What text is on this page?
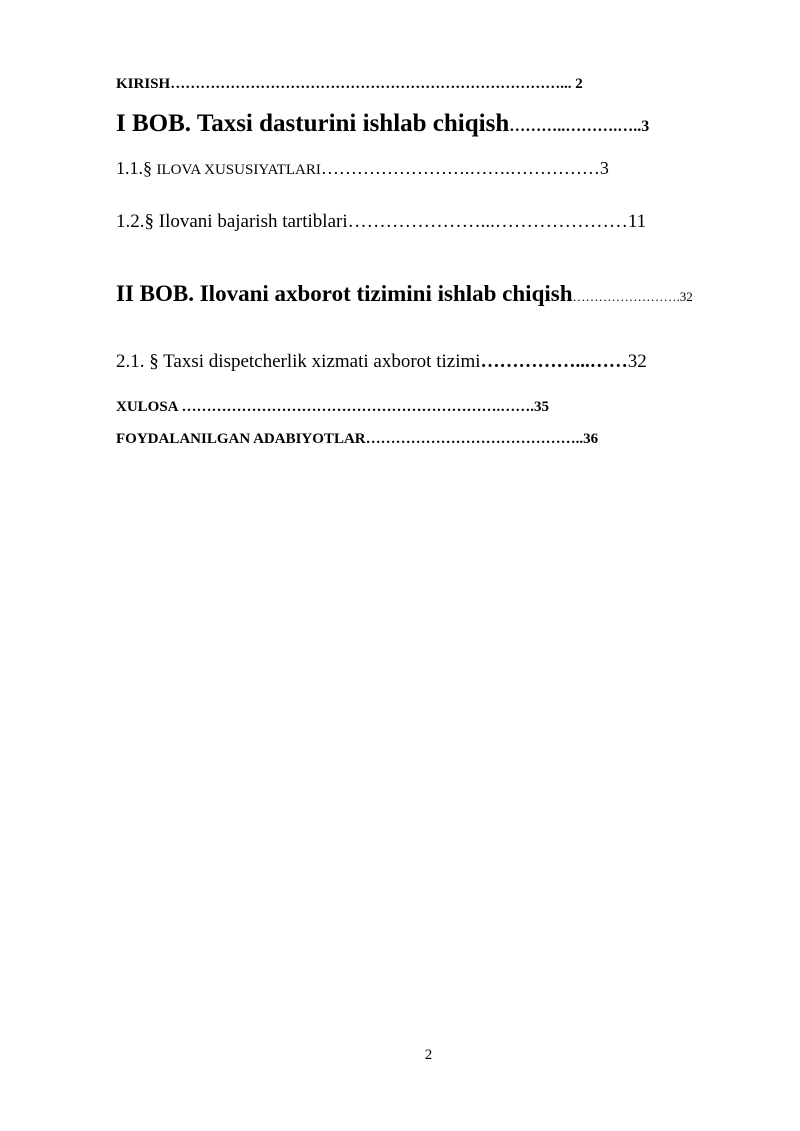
KIRISH……………………………………………………………………... 2
I BOB. Taxsi dasturini ishlab chiqish………..……….…..3
1.1.§ ILOVA XUSUSIYATLARI…………………….…….……………3
1.2.§ Ilovani bajarish tartiblari…………………...…………………11
II BOB. Ilovani axborot tizimini ishlab chiqish…………………….32
2.1. § Taxsi dispetcherlik xizmati axborot tizimi……………...……32
XULOSA ……………………………………………………….…….35
FOYDALANILGAN ADABIYOTLAR……………………………………..36
2
